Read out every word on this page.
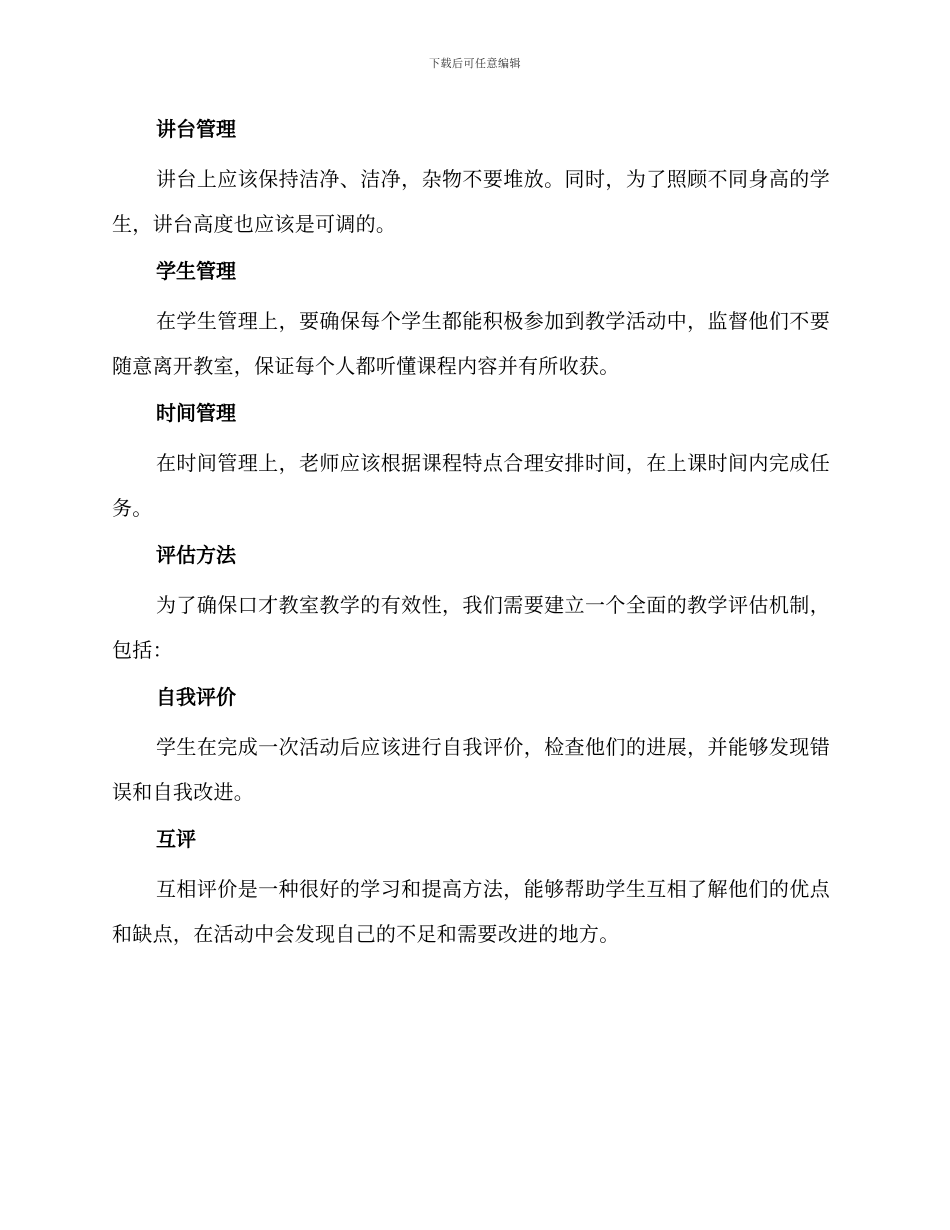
下载后可任意编辑
讲台管理

讲台上应该保持洁净、洁净，杂物不要堆放。同时，为了照顾不同身高的学生，讲台高度也应该是可调的。

学生管理

在学生管理上，要确保每个学生都能积极参加到教学活动中，监督他们不要随意离开教室，保证每个人都听懂课程内容并有所收获。

时间管理

在时间管理上，老师应该根据课程特点合理安排时间，在上课时间内完成任务。

评估方法

为了确保口才教室教学的有效性，我们需要建立一个全面的教学评估机制，包括：

自我评价

学生在完成一次活动后应该进行自我评价，检查他们的进展，并能够发现错误和自我改进。

互评

互相评价是一种很好的学习和提高方法，能够帮助学生互相了解他们的优点和缺点，在活动中会发现自己的不足和需要改进的地方。
